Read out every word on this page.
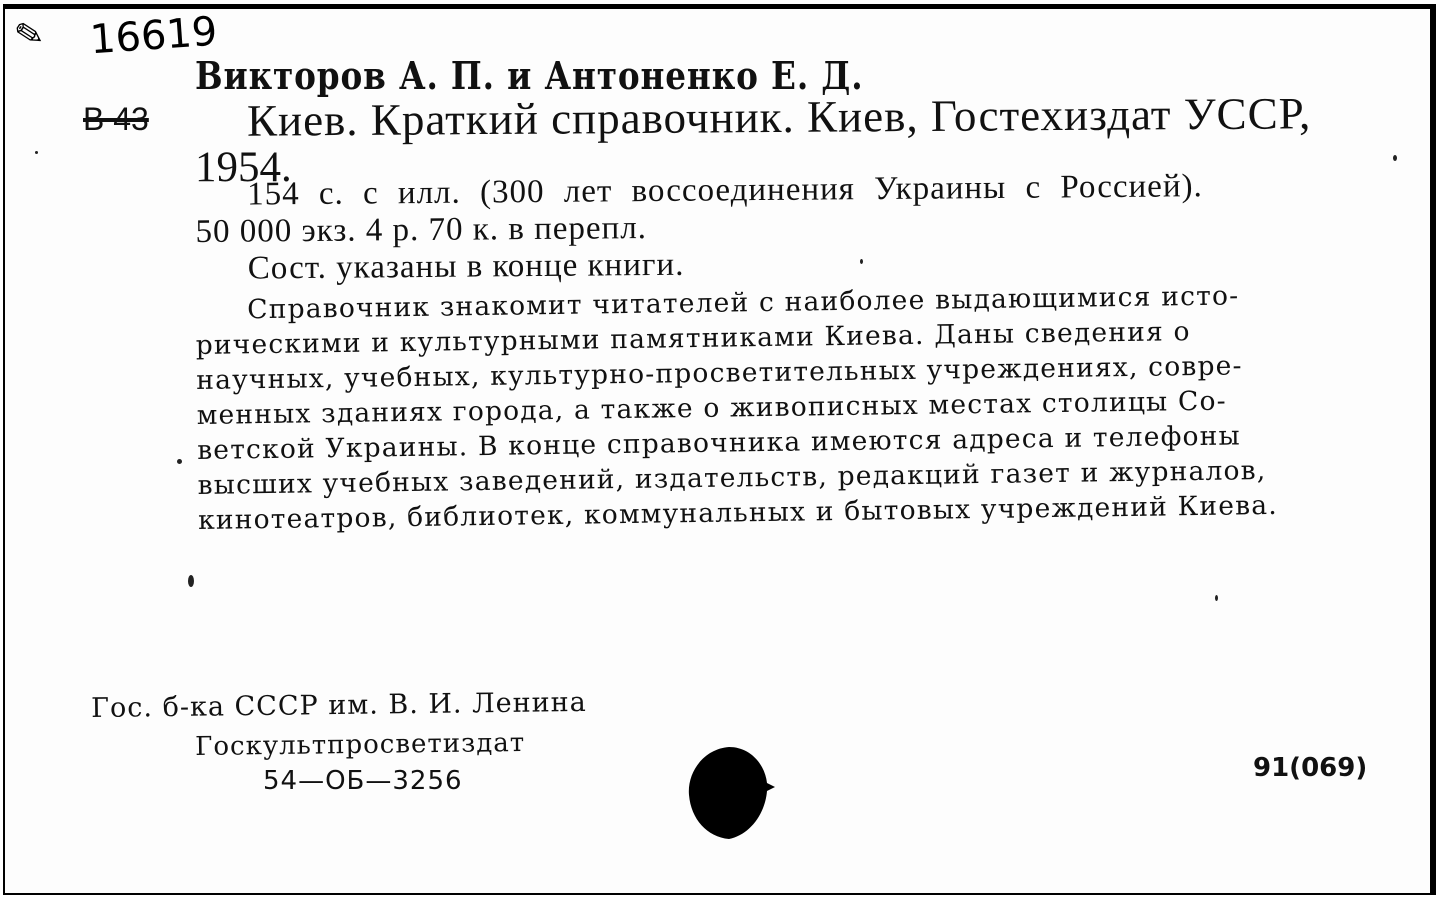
✎ 16619
Викторов А. П. и Антоненко Е. Д.
В 43 Киев. Краткий справочник. Киев, Гостехиздат УССР,
1954.
154 с. с илл. (300 лет воссоединения Украины с Россией).
50 000 экз. 4 р. 70 к. в перепл.
Сост. указаны в конце книги.
Справочник знакомит читателей с наиболее выдающимися исто-
рическими и культурными памятниками Киева. Даны сведения о
научных, учебных, культурно-просветительных учреждениях, совре-
менных зданиях города, а также о живописных местах столицы Со-
ветской Украины. В конце справочника имеются адреса и телефоны
высших учебных заведений, издательств, редакций газет и журналов,
кинотеатров, библиотек, коммунальных и бытовых учреждений Киева.
Гос. б-ка СССР им. В. И. Ленина
Госкультпросветиздат
54—ОБ—3256	91(069)
